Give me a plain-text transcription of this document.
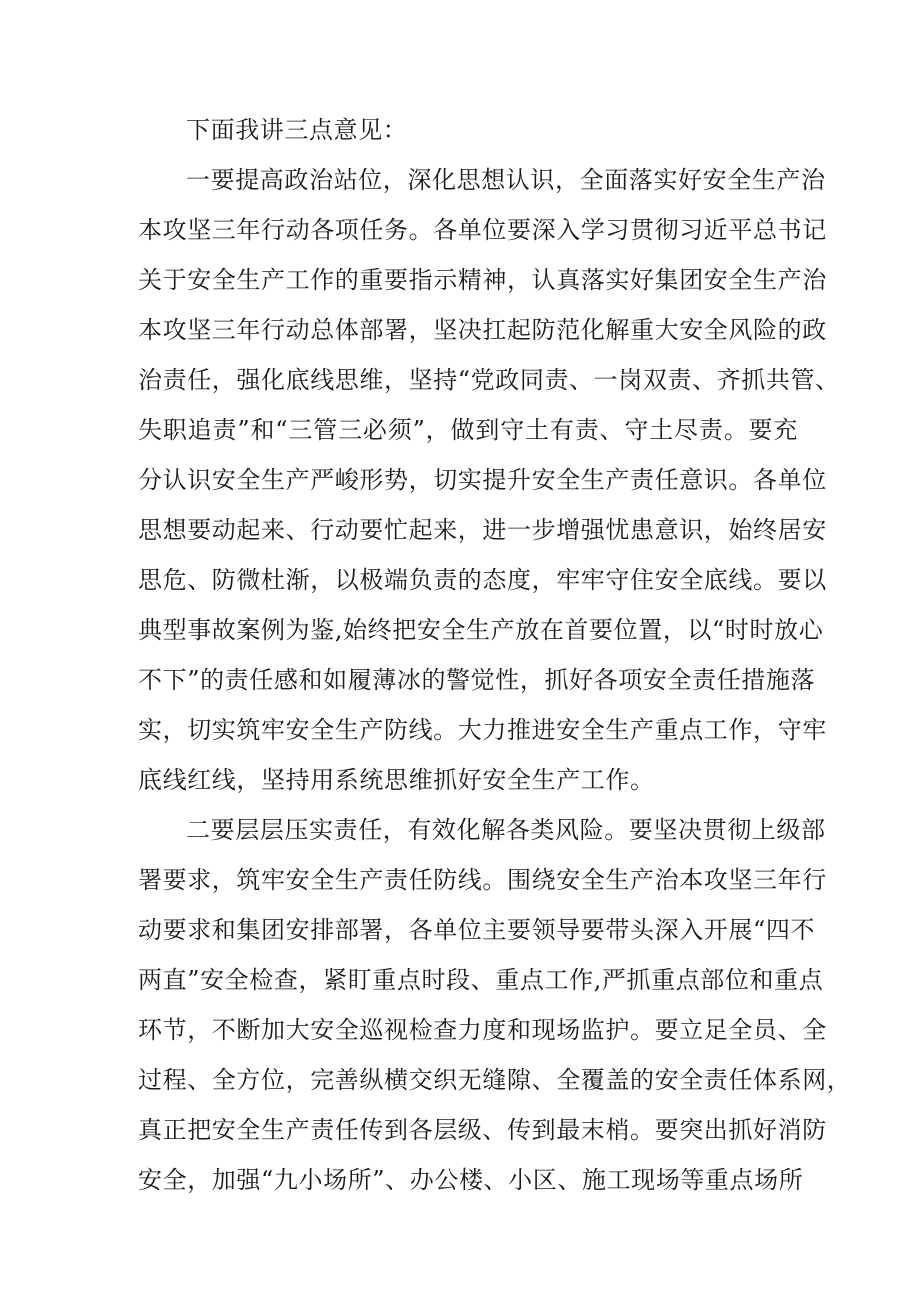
下面我讲三点意见：
一要提高政治站位，深化思想认识，全面落实好安全生产治
本攻坚三年行动各项任务。各单位要深入学习贯彻习近平总书记
关于安全生产工作的重要指示精神，认真落实好集团安全生产治
本攻坚三年行动总体部署，坚决扛起防范化解重大安全风险的政
治责任，强化底线思维，坚持“党政同责、一岗双责、齐抓共管、
失职追责”和“三管三必须”，做到守土有责、守土尽责。要充
分认识安全生产严峻形势，切实提升安全生产责任意识。各单位
思想要动起来、行动要忙起来，进一步增强忧患意识，始终居安
思危、防微杜渐，以极端负责的态度，牢牢守住安全底线。要以
典型事故案例为鉴,始终把安全生产放在首要位置，以“时时放心
不下”的责任感和如履薄冰的警觉性，抓好各项安全责任措施落
实，切实筑牢安全生产防线。大力推进安全生产重点工作，守牢
底线红线，坚持用系统思维抓好安全生产工作。
二要层层压实责任，有效化解各类风险。要坚决贯彻上级部
署要求，筑牢安全生产责任防线。围绕安全生产治本攻坚三年行
动要求和集团安排部署，各单位主要领导要带头深入开展“四不
两直”安全检查，紧盯重点时段、重点工作,严抓重点部位和重点
环节，不断加大安全巡视检查力度和现场监护。要立足全员、全
过程、全方位，完善纵横交织无缝隙、全覆盖的安全责任体系网，
真正把安全生产责任传到各层级、传到最末梢。要突出抓好消防
安全，加强“九小场所”、办公楼、小区、施工现场等重点场所
